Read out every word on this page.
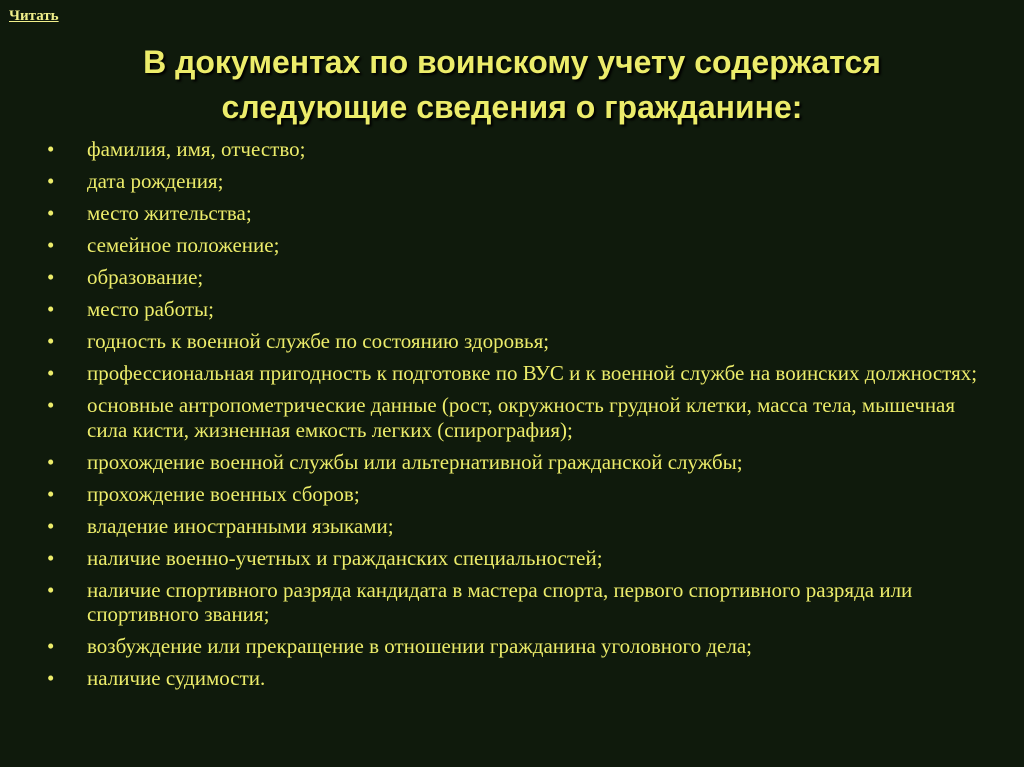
Читать
В документах по воинскому учету содержатся
следующие сведения о гражданине:
• фамилия, имя, отчество;
• дата рождения;
• место жительства;
• семейное положение;
• образование;
• место работы;
• годность к военной службе по состоянию здоровья;
• профессиональная пригодность к подготовке по ВУС и к военной службе на воинских должностях;
• основные антропометрические данные (рост, окружность грудной клетки, масса тела, мышечная сила кисти, жизненная емкость легких (спирография);
• прохождение военной службы или альтернативной гражданской службы;
• прохождение военных сборов;
• владение иностранными языками;
• наличие военно-учетных и гражданских специальностей;
• наличие спортивного разряда кандидата в мастера спорта, первого спортивного разряда или спортивного звания;
• возбуждение или прекращение в отношении гражданина уголовного дела;
• наличие судимости.
